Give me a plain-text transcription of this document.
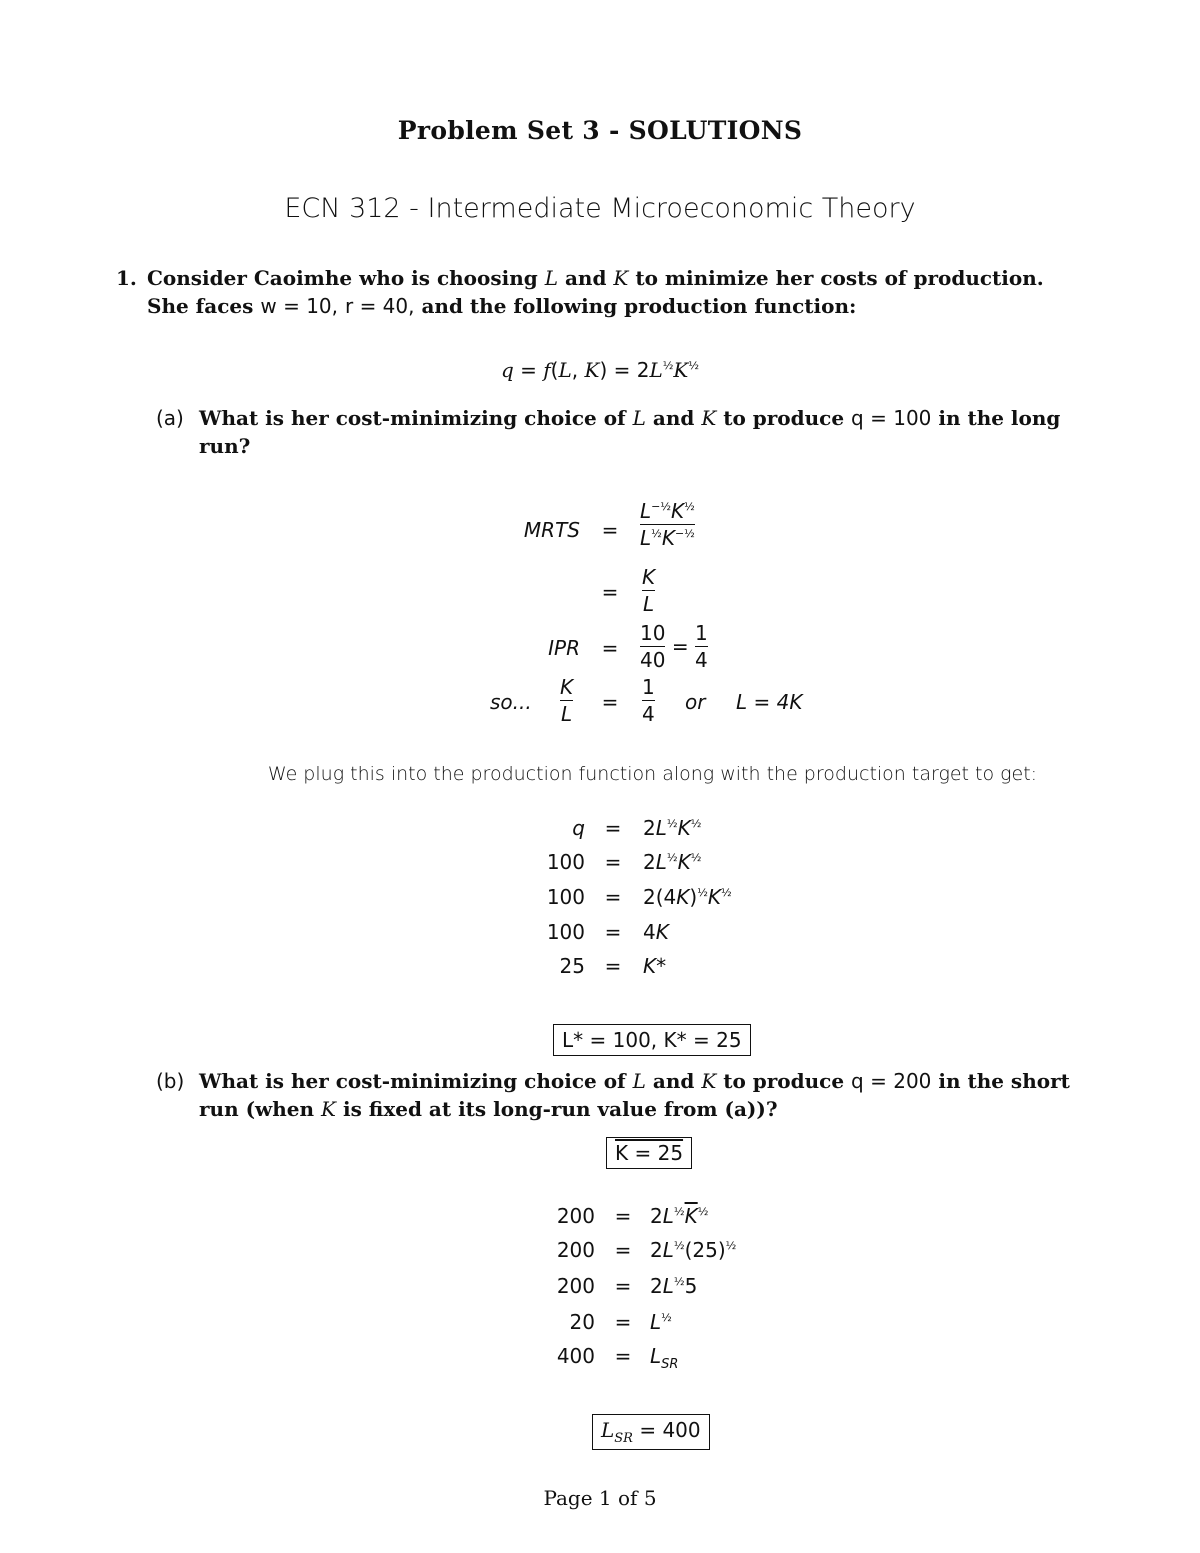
Problem Set 3 - SOLUTIONS
ECN 312 - Intermediate Microeconomic Theory
1. Consider Caoimhe who is choosing L and K to minimize her costs of production.
She faces w = 10, r = 40, and the following production function:
q = f(L, $K) = 2L^{\frac{1}{2}}K^{\frac{1}{2}}$
(a) What is her cost-minimizing choice of L and K to produce q = 100 in the long
run?
MRTS	=	$\frac{L^{-\frac{1}{2}}K^{\frac{1}{2}}}{L^{\frac{1}{2}}K^{-\frac{1}{2}}}$
=	$\frac{K}{L}$
IPR	=	$\frac{10}{40} = \frac{1}{4}$
so... $\frac{K}{L}$	=	$\frac{1}{4}$ or L = 4K
We plug this into the production function along with the production target to get:
q =	$2L^{\frac{1}{2}}K^{\frac{1}{2}}$
100 =	$2L^{\frac{1}{2}}K^{\frac{1}{2}}$
100 =	$2(4K)^{\frac{1}{2}}K^{\frac{1}{2}}$
100 =	4K
25 =	K*
L* = 100, K* = 25
(b) What is her cost-minimizing choice of L and K to produce q = 200 in the short
run (when K is fixed at its long-run value from (a))?
K = 25
$200 = 2L^{\frac{1}{2}}\overline{K}^{\frac{1}{2}}$
$200 = 2L^{\frac{1}{2}}(25)^{\frac{1}{2}}$
$200 = 2L^{\frac{1}{2}}5$
$20 = L^{\frac{1}{2}}$
$400 = L_{SR}$
$L_{SR} = 400$
Page 1 of 5
